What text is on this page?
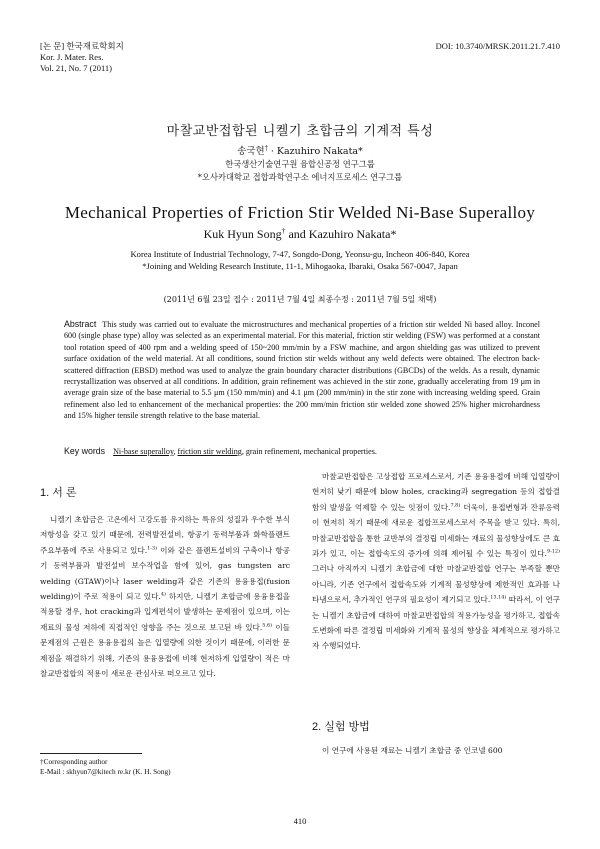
[논 문] 한국재료학회지
Kor. J. Mater. Res.
Vol. 21, No. 7 (2011)
DOI: 10.3740/MRSK.2011.21.7.410
마찰교반접합된 니켈기 초합금의 기계적 특성
송국현† · Kazuhiro Nakata*
한국생산기술연구원 융합신공정 연구그룹
*오사카대학교 접합과학연구소 에너지프로세스 연구그룹
Mechanical Properties of Friction Stir Welded Ni-Base Superalloy
Kuk Hyun Song† and Kazuhiro Nakata*
Korea Institute of Industrial Technology, 7-47, Songdo-Dong, Yeonsu-gu, Incheon 406-840, Korea
*Joining and Welding Research Institute, 11-1, Mihogaoka, Ibaraki, Osaka 567-0047, Japan
(2011년 6월 23일 접수 : 2011년 7월 4일 최종수정 : 2011년 7월 5일 채택)
Abstract This study was carried out to evaluate the microstructures and mechanical properties of a friction stir welded Ni based alloy. Inconel 600 (single phase type) alloy was selected as an experimental material. For this material, friction stir welding (FSW) was performed at a constant tool rotation speed of 400 rpm and a welding speed of 150~200 mm/min by a FSW machine, and argon shielding gas was utilized to prevent surface oxidation of the weld material. At all conditions, sound friction stir welds without any weld defects were obtained. The electron back-scattered diffraction (EBSD) method was used to analyze the grain boundary character distributions (GBCDs) of the welds. As a result, dynamic recrystallization was observed at all conditions. In addition, grain refinement was achieved in the stir zone, gradually accelerating from 19 μm in average grain size of the base material to 5.5 μm (150 mm/min) and 4.1 μm (200 mm/min) in the stir zone with increasing welding speed. Grain refinement also led to enhancement of the mechanical properties: the 200 mm/min friction stir welded zone showed 25% higher microhardness and 15% higher tensile strength relative to the base material.
Key words Ni-base superalloy, friction stir welding, grain refinement, mechanical properties.
1. 서 론
니켈기 초합금은 고온에서 고강도를 유지하는 특유의 성질과 우수한 부식저항성을 갖고 있기 때문에, 전력발전설비, 항공기 동력부품과 화학플랜트 주요부품에 주로 사용되고 있다.$^{1-3)}$ 이와 같은 플랜트설비의 구축이나 항공기 동력부품과 발전설비 보수작업을 함에 있어, gas tungsten arc welding (GTAW)이나 laser welding과 같은 기존의 용융용접(fusion welding)이 주로 적용이 되고 있다.$^{4)}$ 하지만, 니켈기 초합금에 용융용접을 적용할 경우, hot cracking과 입계편석이 발생하는 문제점이 있으며, 이는 재료의 물성 저하에 직접적인 영향을 주는 것으로 보고된 바 있다.$^{5,6)}$ 이들 문제점의 근원은 용융용접의 높은 입열량에 의한 것이기 때문에, 이러한 문제점을 해결하기 위해, 기존의 용융용접에 비해 현저하게 입열량이 적은 마찰교반접합의 적용이 새로운 관심사로 떠오르고 있다.
마찰교반접합은 고상접합 프로세스로서, 기존 용융용접에 비해 입열량이 현저히 낮기 때문에 blow holes, cracking과 segregation 등의 접합결함의 발생을 억제할 수 있는 잇점이 있다.$^{7,8)}$ 더욱이, 용접변형과 잔류응력이 현저히 적기 때문에 새로운 접합프로세스로서 주목을 받고 있다. 특히, 마찰교반접합을 통한 교반부의 결정립 미세화는 재료의 물성향상에도 큰 효과가 있고, 이는 접합속도의 증가에 의해 제어될 수 있는 특징이 있다.$^{9-12)}$ 그러나 아직까지 니켈기 초합금에 대한 마찰교반접합 연구는 부족할 뿐만 아니라, 기존 연구에서 접합속도와 기계적 물성향상에 제한적인 효과를 나타냄으로서, 추가적인 연구의 필요성이 제기되고 있다.$^{13,14)}$ 따라서, 이 연구는 니켈기 초합금에 대하여 마찰교반접합의 적용가능성을 평가하고, 접합속도변화에 따른 결정립 미세화와 기계적 물성의 향상을 체계적으로 평가하고자 수행되었다.
2. 실험 방법
이 연구에 사용된 재료는 니켈기 초합금 중 인코넬 600
†Corresponding author
E-Mail : skhyun7@kitech re.kr (K. H. Song)
410
